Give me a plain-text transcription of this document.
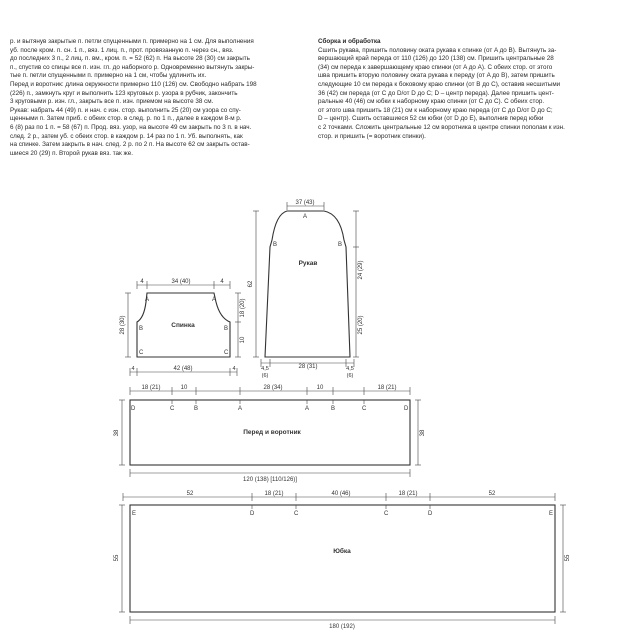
р. и вытянув закрытые п. петли спущенными п. примерно на 1 см. Для выполнения

уб. после кром. п. сн. 1 п., вяз. 1 лиц. п., прот. провязанную п. через сн., вяз.

до последних 3 п., 2 лиц. п. вм., кром. п. = 52 (62) п. На высоте 28 (30) см закрыть

п., спустив со спицы все п. изн. гл. до наборного р. Одновременно вытянуть закры-

тые п. петли спущенными п. примерно на 1 см, чтобы удлинить их.

Перед и воротник: длина окружности примерно 110 (126) см. Свободно набрать 198

(226) п., замкнуть круг и выполнить 123 круговых р. узора в рубчик, закончить

3 круговыми р. изн. гл., закрыть все п. изн. приемом на высоте 38 см.

Рукав: набрать 44 (49) п. и нач. с изн. стор. выполнить 25 (20) см узора со спу-

щенными п. Затем приб. с обеих стор. в след. р. по 1 п., далее в каждом 8-м р.

6 (8) раз по 1 п. = 58 (67) п. Прод. вяз. узор, на высоте 49 см закрыть по 3 п. в нач.

след. 2 р., затем уб. с обеих стор. в каждом р. 14 раз по 1 п. Уб. выполнять, как

на спинке. Затем закрыть в нач. след. 2 р. по 2 п. На высоте 62 см закрыть остав-

шиеся 20 (29) п. Второй рукав вяз. так же.

Сборка и обработка

Сшить рукава, пришить половину оката рукава к спинке (от A до B). Вытянуть за-

вершающий край переда от 110 (126) до 120 (138) см. Пришить центральные 28

(34) см переда к завершающему краю спинки (от A до A). С обеих стор. от этого

шва пришить вторую половину оката рукава к переду (от A до B), затем пришить

следующие 10 см переда к боковому краю спинки (от B до C), оставив несшитыми

36 (42) см переда (от C до D/от D до C; D – центр переда). Далее пришить цент-

ральные 40 (46) см юбки к наборному краю спинки (от C до C). С обеих стор.

от этого шва пришить 18 (21) см к наборному краю переда (от C до D/от D до C;

D – центр). Сшить оставшиеся 52 см юбки (от D до E), выполнив перед юбки

с 2 точками. Сложить центральные 12 см воротника в центре спинки пополам к изн.

стор. и пришить (= воротник спинки).

4	34 (40)	4
4	42 (48)	4
28 (30)
18 (20)
10
A	A
B	B
C	C
Спинка
37 (43)
62
24 (29)
25 (20)
28 (31)
4,5
(6)
4,5
(6)
A
B	B
Рукав
18 (21)	10	28 (34)	10	18 (21)
D	C	B	A	A	B	C	D
38	38
120 (138) [110/126)]
Перед и воротник
52	18 (21)	40 (46)	18 (21)	52
E	D	C	C	D	E
55	55
180 (192)
Юбка
